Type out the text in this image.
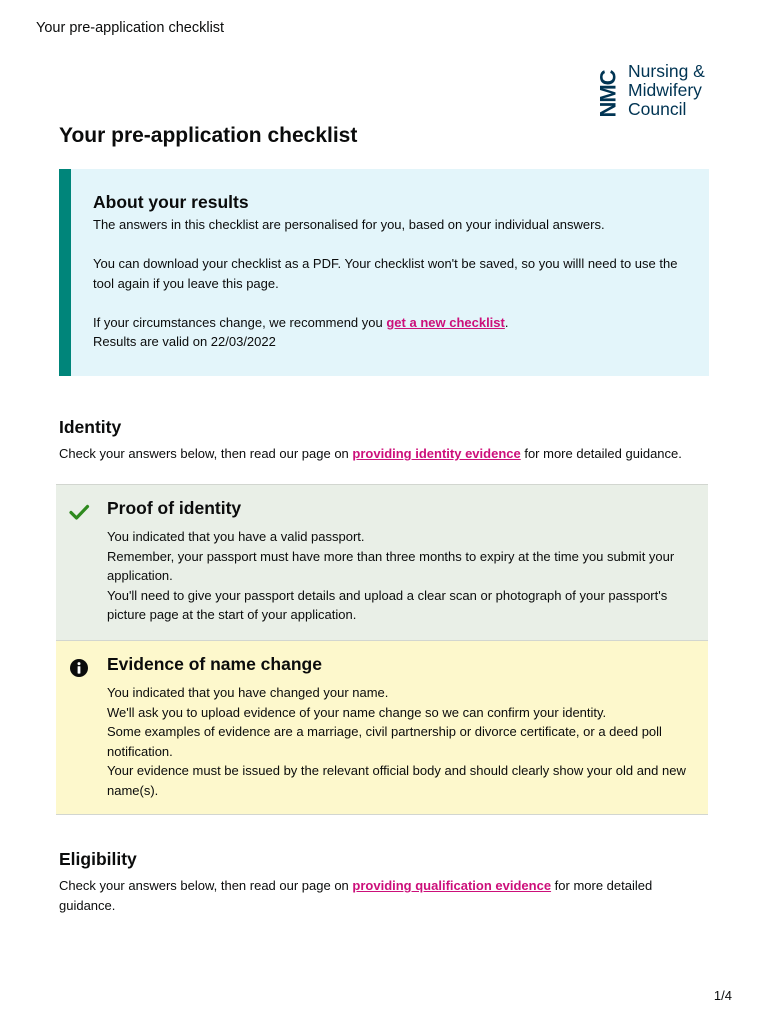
Your pre-application checklist
NMC Nursing &
Midwifery
Council
Your pre-application checklist
About your results

The answers in this checklist are personalised for you, based on your individual answers.

You can download your checklist as a PDF. Your checklist won't be saved, so you willl need to use the tool again if you leave this page.

If your circumstances change, we recommend you get a new checklist.
Results are valid on 22/03/2022

Identity
Check your answers below, then read our page on providing identity evidence for more detailed guidance.
Proof of identity
You indicated that you have a valid passport.
Remember, your passport must have more than three months to expiry at the time you submit your application.
You'll need to give your passport details and upload a clear scan or photograph of your passport's picture page at the start of your application.
Evidence of name change
You indicated that you have changed your name.
We'll ask you to upload evidence of your name change so we can confirm your identity.
Some examples of evidence are a marriage, civil partnership or divorce certificate, or a deed poll notification.
Your evidence must be issued by the relevant official body and should clearly show your old and new name(s).
Eligibility
Check your answers below, then read our page on providing qualification evidence for more detailed guidance.
1/4
